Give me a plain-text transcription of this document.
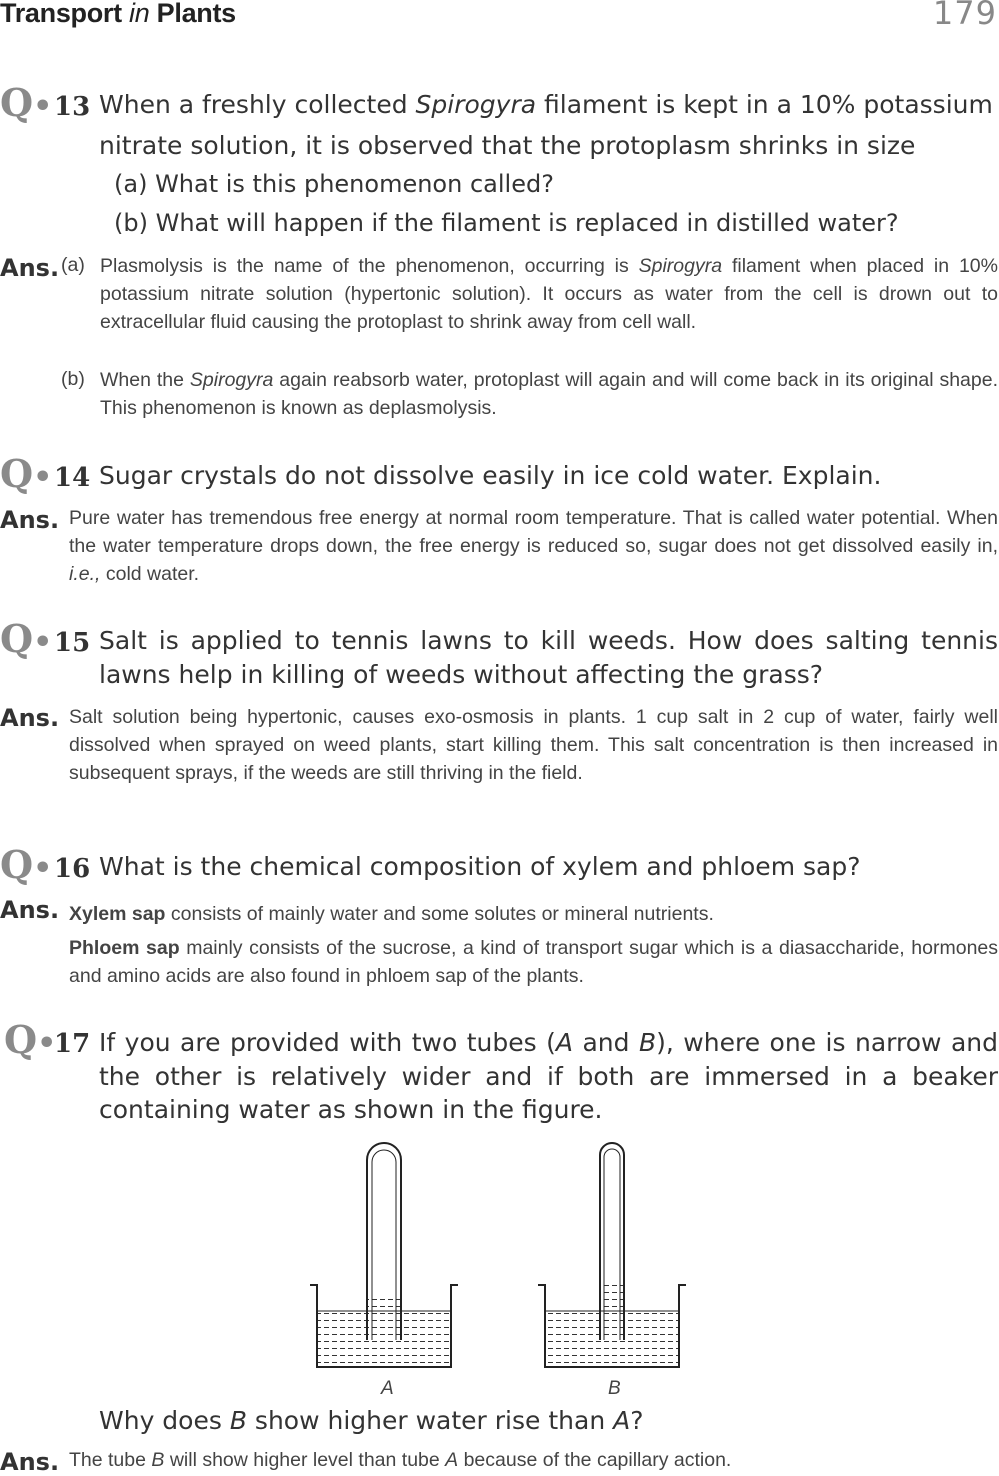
Transport in Plants	179
Q• 13 When a freshly collected Spirogyra filament is kept in a 10% potassium
nitrate solution, it is observed that the protoplasm shrinks in size
(a) What is this phenomenon called?
(b) What will happen if the filament is replaced in distilled water?
Ans. (a) Plasmolysis is the name of the phenomenon, occurring is Spirogyra filament when placed in 10% potassium nitrate solution (hypertonic solution). It occurs as water from the cell is drown out to extracellular fluid causing the protoplast to shrink away from cell wall.
(b) When the Spirogyra again reabsorb water, protoplast will again and will come back in its original shape. This phenomenon is known as deplasmolysis.
Q• 14 Sugar crystals do not dissolve easily in ice cold water. Explain.
Ans. Pure water has tremendous free energy at normal room temperature. That is called water potential. When the water temperature drops down, the free energy is reduced so, sugar does not get dissolved easily in, i.e., cold water.
Q• 15 Salt is applied to tennis lawns to kill weeds. How does salting tennis
lawns help in killing of weeds without affecting the grass?
Ans. Salt solution being hypertonic, causes exo-osmosis in plants. 1 cup salt in 2 cup of water, fairly well dissolved when sprayed on weed plants, start killing them. This salt concentration is then increased in subsequent sprays, if the weeds are still thriving in the field.
Q• 16 What is the chemical composition of xylem and phloem sap?
Ans. Xylem sap consists of mainly water and some solutes or mineral nutrients.
Phloem sap mainly consists of the sucrose, a kind of transport sugar which is a diasaccharide, hormones and amino acids are also found in phloem sap of the plants.
Q•
17 If you are provided with two tubes (A and B), where one is narrow and
the other is relatively wider and if both are immersed in a beaker
containing water as shown in the figure.
A	B
Why does B show higher water rise than A?
Ans. The tube B will show higher level than tube A because of the capillary action.
